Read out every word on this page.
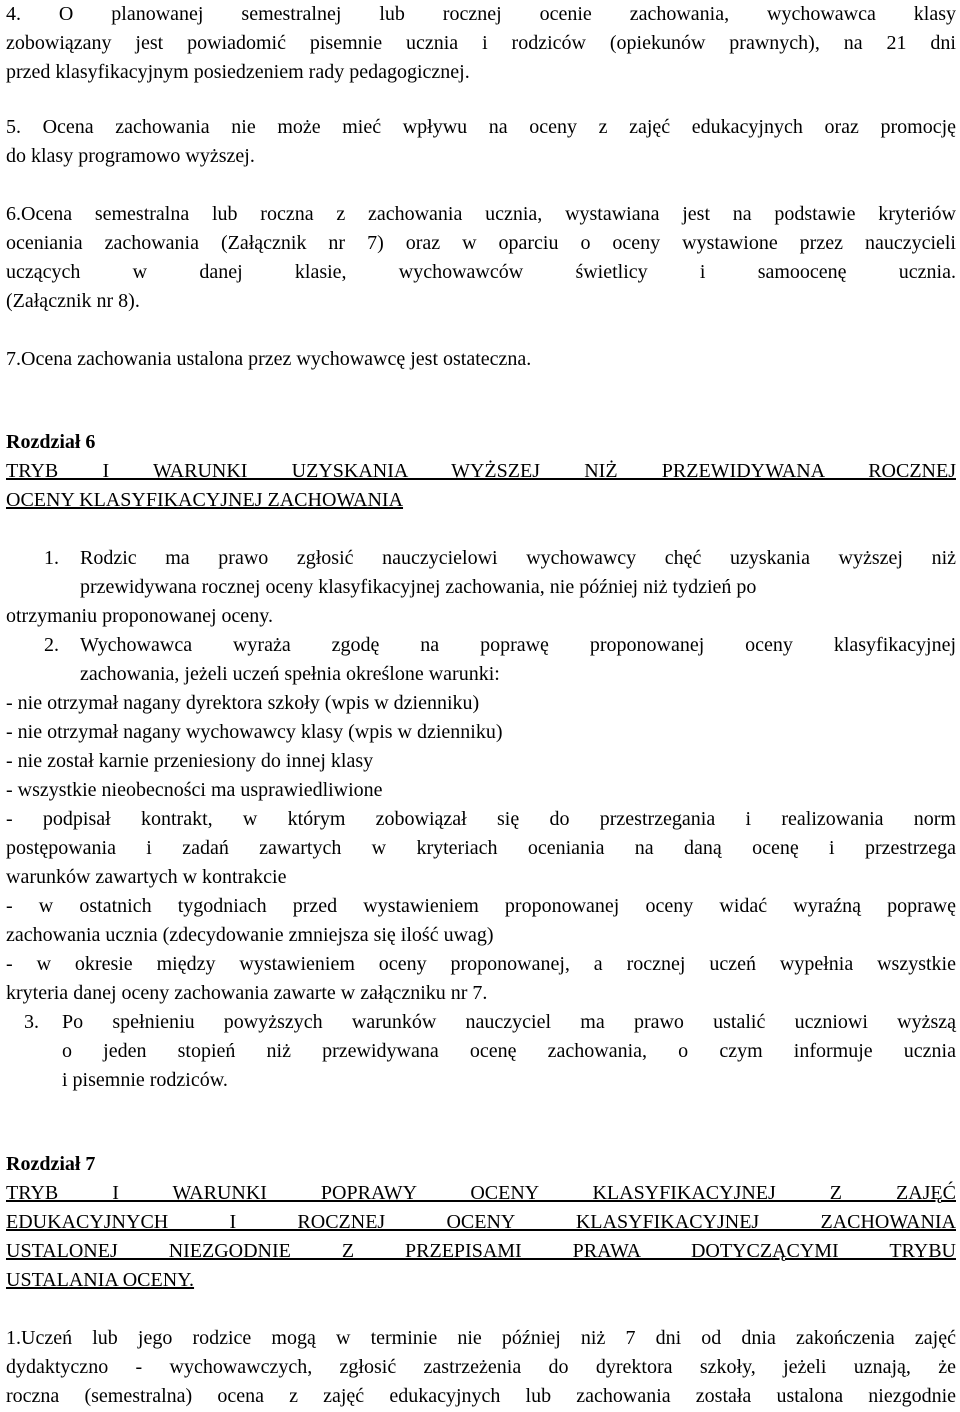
4. O planowanej semestralnej lub rocznej ocenie zachowania, wychowawca klasy
zobowiązany jest powiadomić pisemnie ucznia i rodziców (opiekunów prawnych), na 21 dni
przed klasyfikacyjnym posiedzeniem rady pedagogicznej.
5. Ocena zachowania nie może mieć wpływu na oceny z zajęć edukacyjnych oraz promocję
do klasy programowo wyższej.
6.Ocena semestralna lub roczna z zachowania ucznia, wystawiana jest na podstawie kryteriów
oceniania zachowania (Załącznik nr 7) oraz w oparciu o oceny wystawione przez nauczycieli
uczących w danej klasie, wychowawców świetlicy i samoocenę ucznia.
(Załącznik nr 8).
7.Ocena zachowania ustalona przez wychowawcę jest ostateczna.
Rozdział 6
TRYB I WARUNKI UZYSKANIA WYŻSZEJ NIŻ PRZEWIDYWANA ROCZNEJ
OCENY KLASYFIKACYJNEJ ZACHOWANIA
1. Rodzic ma prawo zgłosić nauczycielowi wychowawcy chęć uzyskania wyższej niż
przewidywana rocznej oceny klasyfikacyjnej zachowania, nie później niż tydzień po
otrzymaniu proponowanej oceny.
2. Wychowawca wyraża zgodę na poprawę proponowanej oceny klasyfikacyjnej
zachowania, jeżeli uczeń spełnia określone warunki:
- nie otrzymał nagany dyrektora szkoły (wpis w dzienniku)
- nie otrzymał nagany wychowawcy klasy (wpis w dzienniku)
- nie został karnie przeniesiony do innej klasy
- wszystkie nieobecności ma usprawiedliwione
- podpisał kontrakt, w którym zobowiązał się do przestrzegania i realizowania norm
postępowania i zadań zawartych w kryteriach oceniania na daną ocenę i przestrzega
warunków zawartych w kontrakcie
- w ostatnich tygodniach przed wystawieniem proponowanej oceny widać wyraźną poprawę
zachowania ucznia (zdecydowanie zmniejsza się ilość uwag)
- w okresie między wystawieniem oceny proponowanej, a rocznej uczeń wypełnia wszystkie
kryteria danej oceny zachowania zawarte w załączniku nr 7.
3. Po spełnieniu powyższych warunków nauczyciel ma prawo ustalić uczniowi wyższą
o jeden stopień niż przewidywana ocenę zachowania, o czym informuje ucznia
i pisemnie rodziców.
Rozdział 7
TRYB I WARUNKI POPRAWY OCENY KLASYFIKACYJNEJ Z ZAJĘĆ
EDUKACYJNYCH I ROCZNEJ OCENY KLASYFIKACYJNEJ ZACHOWANIA
USTALONEJ NIEZGODNIE Z PRZEPISAMI PRAWA DOTYCZĄCYMI TRYBU
USTALANIA OCENY.
1.Uczeń lub jego rodzice mogą w terminie nie później niż 7 dni od dnia zakończenia zajęć
dydaktyczno - wychowawczych, zgłosić zastrzeżenia do dyrektora szkoły, jeżeli uznają, że
roczna (semestralna) ocena z zajęć edukacyjnych lub zachowania została ustalona niezgodnie
